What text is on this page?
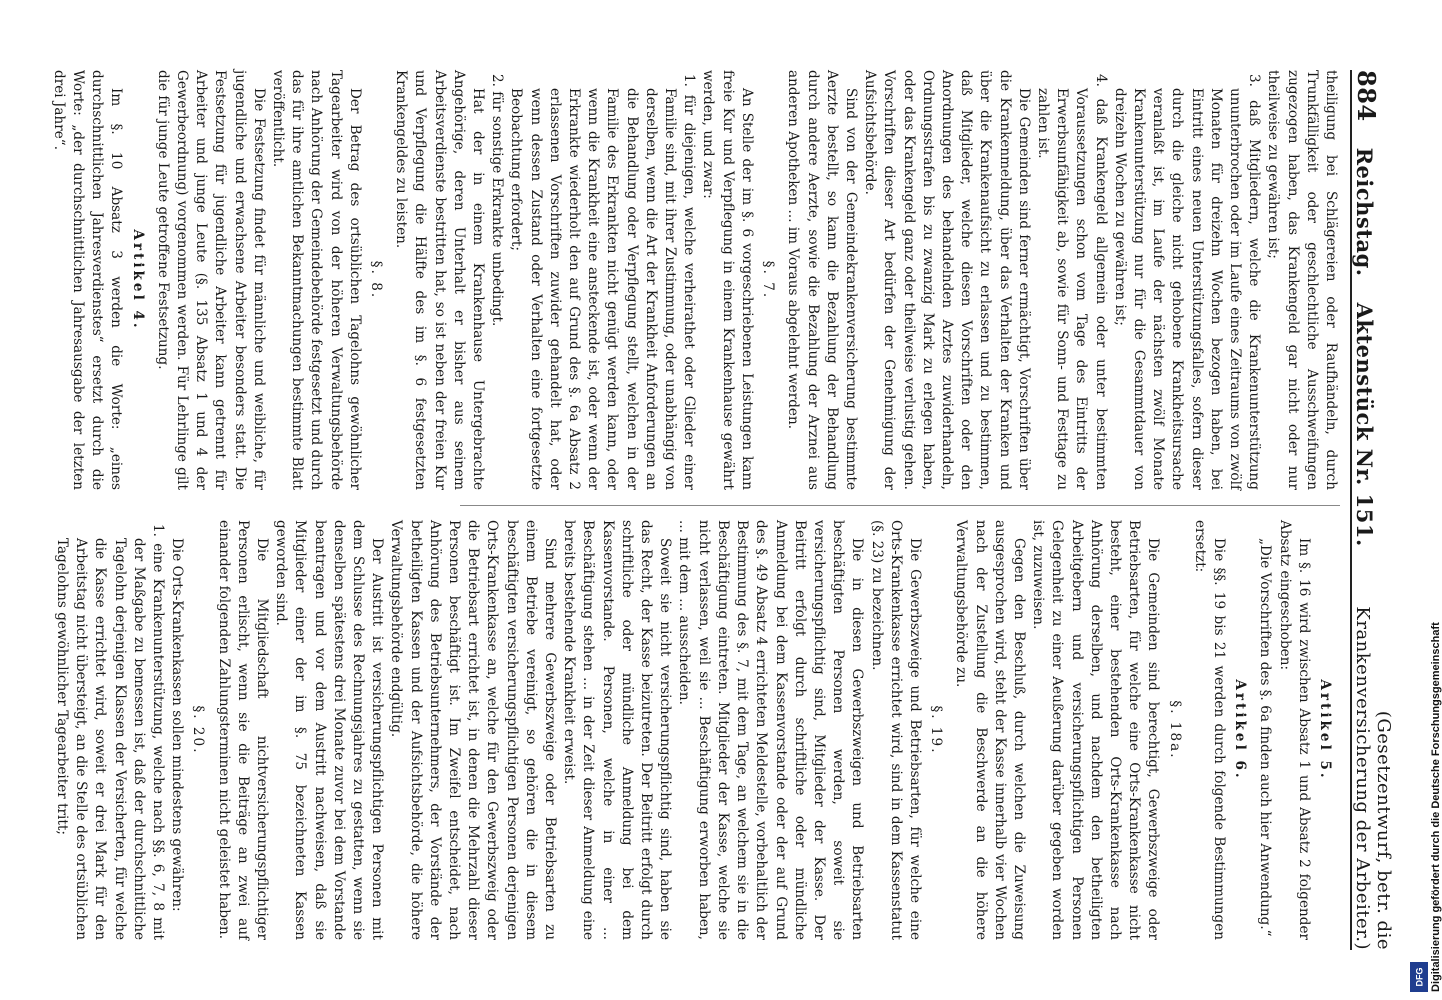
884
Reichstag.
Aktenstück Nr. 151.
(Gesetzentwurf, betr. die Krankenversicherung der Arbeiter.)

theiligung bei Schlägereien oder Raufhändeln, durch Trunkfälligkeit oder geschlechtliche Ausschweifungen zugezogen haben, das Krankengeld gar nicht oder nur theilweise zu gewähren ist;

3. daß Mitgliedern, welche die Krankenunterstützung ununterbrochen oder im Laufe eines Zeitraums von zwölf Monaten für dreizehn Wochen bezogen haben, bei Eintritt eines neuen Unterstützungsfalles, sofern dieser durch die gleiche nicht gehobene Krankheitsursache veranlaßt ist, im Laufe der nächsten zwölf Monate Krankenunterstützung nur für die Gesammtdauer von dreizehn Wochen zu gewähren ist;

4. daß Krankengeld allgemein oder unter bestimmten Voraussetzungen schon vom Tage des Eintritts der Erwerbsunfähigkeit ab, sowie für Sonn- und Festtage zu zahlen ist.

Die Gemeinden sind ferner ermächtigt, Vorschriften über die Krankenmeldung, über das Verhalten der Kranken und über die Krankenaufsicht zu erlassen und zu bestimmen, daß Mitglieder, welche diesen Vorschriften oder den Anordnungen des behandelnden Arztes zuwiderhandeln, Ordnungsstrafen bis zu zwanzig Mark zu erlegen haben, oder das Krankengeld ganz oder theilweise verlustig gehen. Vorschriften dieser Art bedürfen der Genehmigung der Aufsichtsbehörde.

Sind von der Gemeindekrankenversicherung bestimmte Aerzte bestellt, so kann die Bezahlung der Behandlung durch andere Aerzte, sowie die Bezahlung der Arznei aus anderen Apotheken ... im Voraus abgelehnt werden.

§. 7.

An Stelle der im §. 6 vorgeschriebenen Leistungen kann freie Kur und Verpflegung in einem Krankenhause gewährt werden, und zwar:

1. für diejenigen, welche verheirathet oder Glieder einer Familie sind, mit ihrer Zustimmung, oder unabhängig von derselben, wenn die Art der Krankheit Anforderungen an die Behandlung oder Verpflegung stellt, welchen in der Familie des Erkrankten nicht genügt werden kann, oder wenn die Krankheit eine ansteckende ist, oder wenn der Erkrankte wiederholt den auf Grund des §. 6a Absatz 2 erlassenen Vorschriften zuwider gehandelt hat, oder wenn dessen Zustand oder Verhalten eine fortgesetzte Beobachtung erfordert;

2. für sonstige Erkrankte unbedingt.

Hat der in einem Krankenhause Untergebrachte Angehörige, deren Unterhalt er bisher aus seinem Arbeitsverdienste bestritten hat, so ist neben der freien Kur und Verpflegung die Hälfte des im §. 6 festgesetzten Krankengeldes zu leisten.

§. 8.

Der Betrag des ortsüblichen Tagelohns gewöhnlicher Tagearbeiter wird von der höheren Verwaltungsbehörde nach Anhörung der Gemeindebehörde festgesetzt und durch das für ihre amtlichen Bekanntmachungen bestimmte Blatt veröffentlicht.

Die Festsetzung findet für männliche und weibliche, für jugendliche und erwachsene Arbeiter besonders statt. Die Festsetzung für jugendliche Arbeiter kann getrennt für Arbeiter und junge Leute (§. 135 Absatz 1 und 4 der Gewerbeordnung) vorgenommen werden. Für Lehrlinge gilt die für junge Leute getroffene Festsetzung.

Artikel 4.

Im §. 10 Absatz 3 werden die Worte: „eines durchschnittlichen Jahresverdienstes“ ersetzt durch die Worte: „der durchschnittlichen Jahresausgabe der letzten drei Jahre“.

Artikel 5.

Im §. 16 wird zwischen Absatz 1 und Absatz 2 folgender Absatz eingeschoben:

„Die Vorschriften des §. 6a finden auch hier Anwendung.“

Artikel 6.

Die §§. 19 bis 21 werden durch folgende Bestimmungen ersetzt:

§. 18a.

Die Gemeinden sind berechtigt, Gewerbszweige oder Betriebsarten, für welche eine Orts-Krankenkasse nicht besteht, einer bestehenden Orts-Krankenkasse nach Anhörung derselben, und nachdem den betheiligten Arbeitgebern und versicherungspflichtigen Personen Gelegenheit zu einer Aeußerung darüber gegeben worden ist, zuzuweisen.

Gegen den Beschluß, durch welchen die Zuweisung ausgesprochen wird, steht der Kasse innerhalb vier Wochen nach der Zustellung die Beschwerde an die höhere Verwaltungsbehörde zu.

§. 19.

Die Gewerbszweige und Betriebsarten, für welche eine Orts-Krankenkasse errichtet wird, sind in dem Kassenstatut (§. 23) zu bezeichnen.

Die in diesen Gewerbszweigen und Betriebsarten beschäftigten Personen werden, soweit sie versicherungspflichtig sind, Mitglieder der Kasse. Der Beitritt erfolgt durch schriftliche oder mündliche Anmeldung bei dem Kassenvorstande oder der auf Grund des §. 49 Absatz 4 errichteten Meldestelle, vorbehaltlich der Bestimmung des §. 7, mit dem Tage, an welchem sie in die Beschäftigung eintreten. Mitglieder der Kasse, welche sie nicht verlassen, weil sie ... Beschäftigung erworben haben, ... mit dem ... ausscheiden.

Soweit sie nicht versicherungspflichtig sind, haben sie das Recht, der Kasse beizutreten. Der Beitritt erfolgt durch schriftliche oder mündliche Anmeldung bei dem Kassenvorstande. Personen, welche in einer ... Beschäftigung stehen ... in der Zeit dieser Anmeldung eine bereits bestehende Krankheit erweist.

Sind mehrere Gewerbszweige oder Betriebsarten zu einem Betriebe vereinigt, so gehören die in diesem beschäftigten versicherungspflichtigen Personen derjenigen Orts-Krankenkasse an, welche für den Gewerbszweig oder die Betriebsart errichtet ist, in denen die Mehrzahl dieser Personen beschäftigt ist. Im Zweifel entscheidet, nach Anhörung des Betriebsunternehmers, der Vorstände der betheiligten Kassen und der Aufsichtsbehörde, die höhere Verwaltungsbehörde endgültig.

Der Austritt ist versicherungspflichtigen Personen mit dem Schlusse des Rechnungsjahres zu gestatten, wenn sie denselben spätestens drei Monate zuvor bei dem Vorstande beantragen und vor dem Austritt nachweisen, daß sie Mitglieder einer der im §. 75 bezeichneten Kassen geworden sind.

Die Mitgliedschaft nichtversicherungspflichtiger Personen erlischt, wenn sie die Beiträge an zwei auf einander folgenden Zahlungsterminen nicht geleistet haben.

§. 20.

Die Orts-Krankenkassen sollen mindestens gewähren:

1. eine Krankenunterstützung, welche nach §§. 6, 7, 8 mit der Maßgabe zu bemessen ist, daß der durchschnittliche Tagelohn derjenigen Klassen der Versicherten, für welche die Kasse errichtet wird, soweit er drei Mark für den Arbeitstag nicht übersteigt, an die Stelle des ortsüblichen Tagelohns gewöhnlicher Tagearbeiter tritt;	Digitalisierung gefördert durch die Deutsche Forschungsgemeinschaft
DFG
